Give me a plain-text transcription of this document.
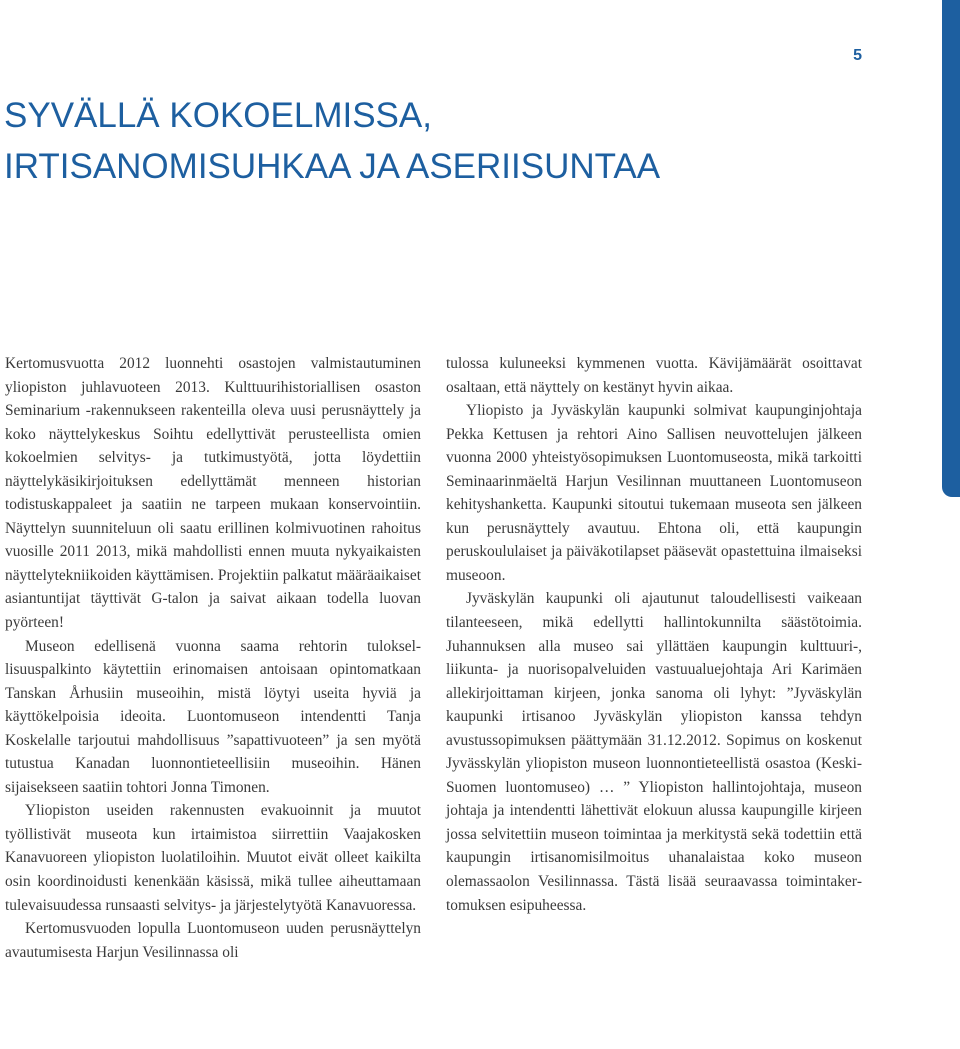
5
SYVÄLLÄ KOKOELMISSA,
IRTISANOMISUHKAA JA ASERIISUNTAA

Kertomusvuotta 2012 luonnehti osastojen valmistautuminen yliopiston juhlavuoteen 2013. Kulttuurihistoriallisen osaston Seminarium -rakennukseen rakenteilla oleva uusi perusnäyttely ja koko näyttelykeskus Soihtu edellyttivät perusteellista omien kokoelmien selvitys- ja tutkimustyötä, jotta löydettiin näyttelykäsikirjoituksen edellyttämät menneen historian todistuskappaleet ja saatiin ne tarpeen mukaan konservointiin. Näyttelyn suunniteluun oli saatu erillinen kolmivuotinen rahoitus vuosille 2011 2013, mikä mahdollisti ennen muuta nykyaikaisten näyttelytekniikoiden käyttämisen. Projektiin palkatut määräaikaiset asiantuntijat täyttivät G-talon ja saivat aikaan todella luovan pyörteen!

Museon edellisenä vuonna saama rehtorin tuloksellisuuspalkinto käytettiin erinomaisen antoisaan opintomatkaan Tanskan Århusiin museoihin, mistä löytyi useita hyviä ja käyttökelpoisia ideoita. Luontomuseon intendentti Tanja Koskelalle tarjoutui mahdollisuus ”sapattivuoteen” ja sen myötä tutustua Kanadan luonnontieteellisiin museoihin. Hänen sijaisekseen saatiin tohtori Jonna Timonen.

Yliopiston useiden rakennusten evakuoinnit ja muutot työllistivät museota kun irtaimistoa siirrettiin Vaajakosken Kanavuoreen yliopiston luolatiloihin. Muutot eivät olleet kaikilta osin koordinoidusti kenenkään käsissä, mikä tullee aiheuttamaan tulevaisuudessa runsaasti selvitys- ja järjestelytyötä Kanavuoressa.

Kertomusvuoden lopulla Luontomuseon uuden perusnäyttelyn avautumisesta Harjun Vesilinnassa oli

tulossa kuluneeksi kymmenen vuotta. Kävijämäärät osoittavat osaltaan, että näyttely on kestänyt hyvin aikaa.

Yliopisto ja Jyväskylän kaupunki solmivat kaupunginjohtaja Pekka Kettusen ja rehtori Aino Sallisen neuvottelujen jälkeen vuonna 2000 yhteistyösopimuksen Luontomuseosta, mikä tarkoitti Seminaarinmäeltä Harjun Vesilinnan muuttaneen Luontomuseon kehityshanketta. Kaupunki sitoutui tukemaan museota sen jälkeen kun perusnäyttely avautuu. Ehtona oli, että kaupungin peruskoululaiset ja päiväkotilapset pääsevät opastettuina ilmaiseksi museoon.

Jyväskylän kaupunki oli ajautunut taloudellisesti vaikeaan tilanteeseen, mikä edellytti hallintokunnilta säästötoimia. Juhannuksen alla museo sai yllättäen kaupungin kulttuuri-, liikunta- ja nuorisopalveluiden vastuualuejohtaja Ari Karimäen allekirjoittaman kirjeen, jonka sanoma oli lyhyt: ”Jyväskylän kaupunki irtisanoo Jyväskylän yliopiston kanssa tehdyn avustussopimuksen päättymään 31.12.2012. Sopimus on koskenut Jyvässkylän yliopiston museon luonnontieteellistä osastoa (Keski-Suomen luontomuseo) … ” Yliopiston hallintojohtaja, museon johtaja ja intendentti lähettivät elokuun alussa kaupungille kirjeen jossa selvitettiin museon toimintaa ja merkitystä sekä todettiin että kaupungin irtisanomisilmoitus uhanalaistaa koko museon olemassaolon Vesilinnassa. Tästä lisää seuraavassa toimintakertomuksen esipuheessa.
